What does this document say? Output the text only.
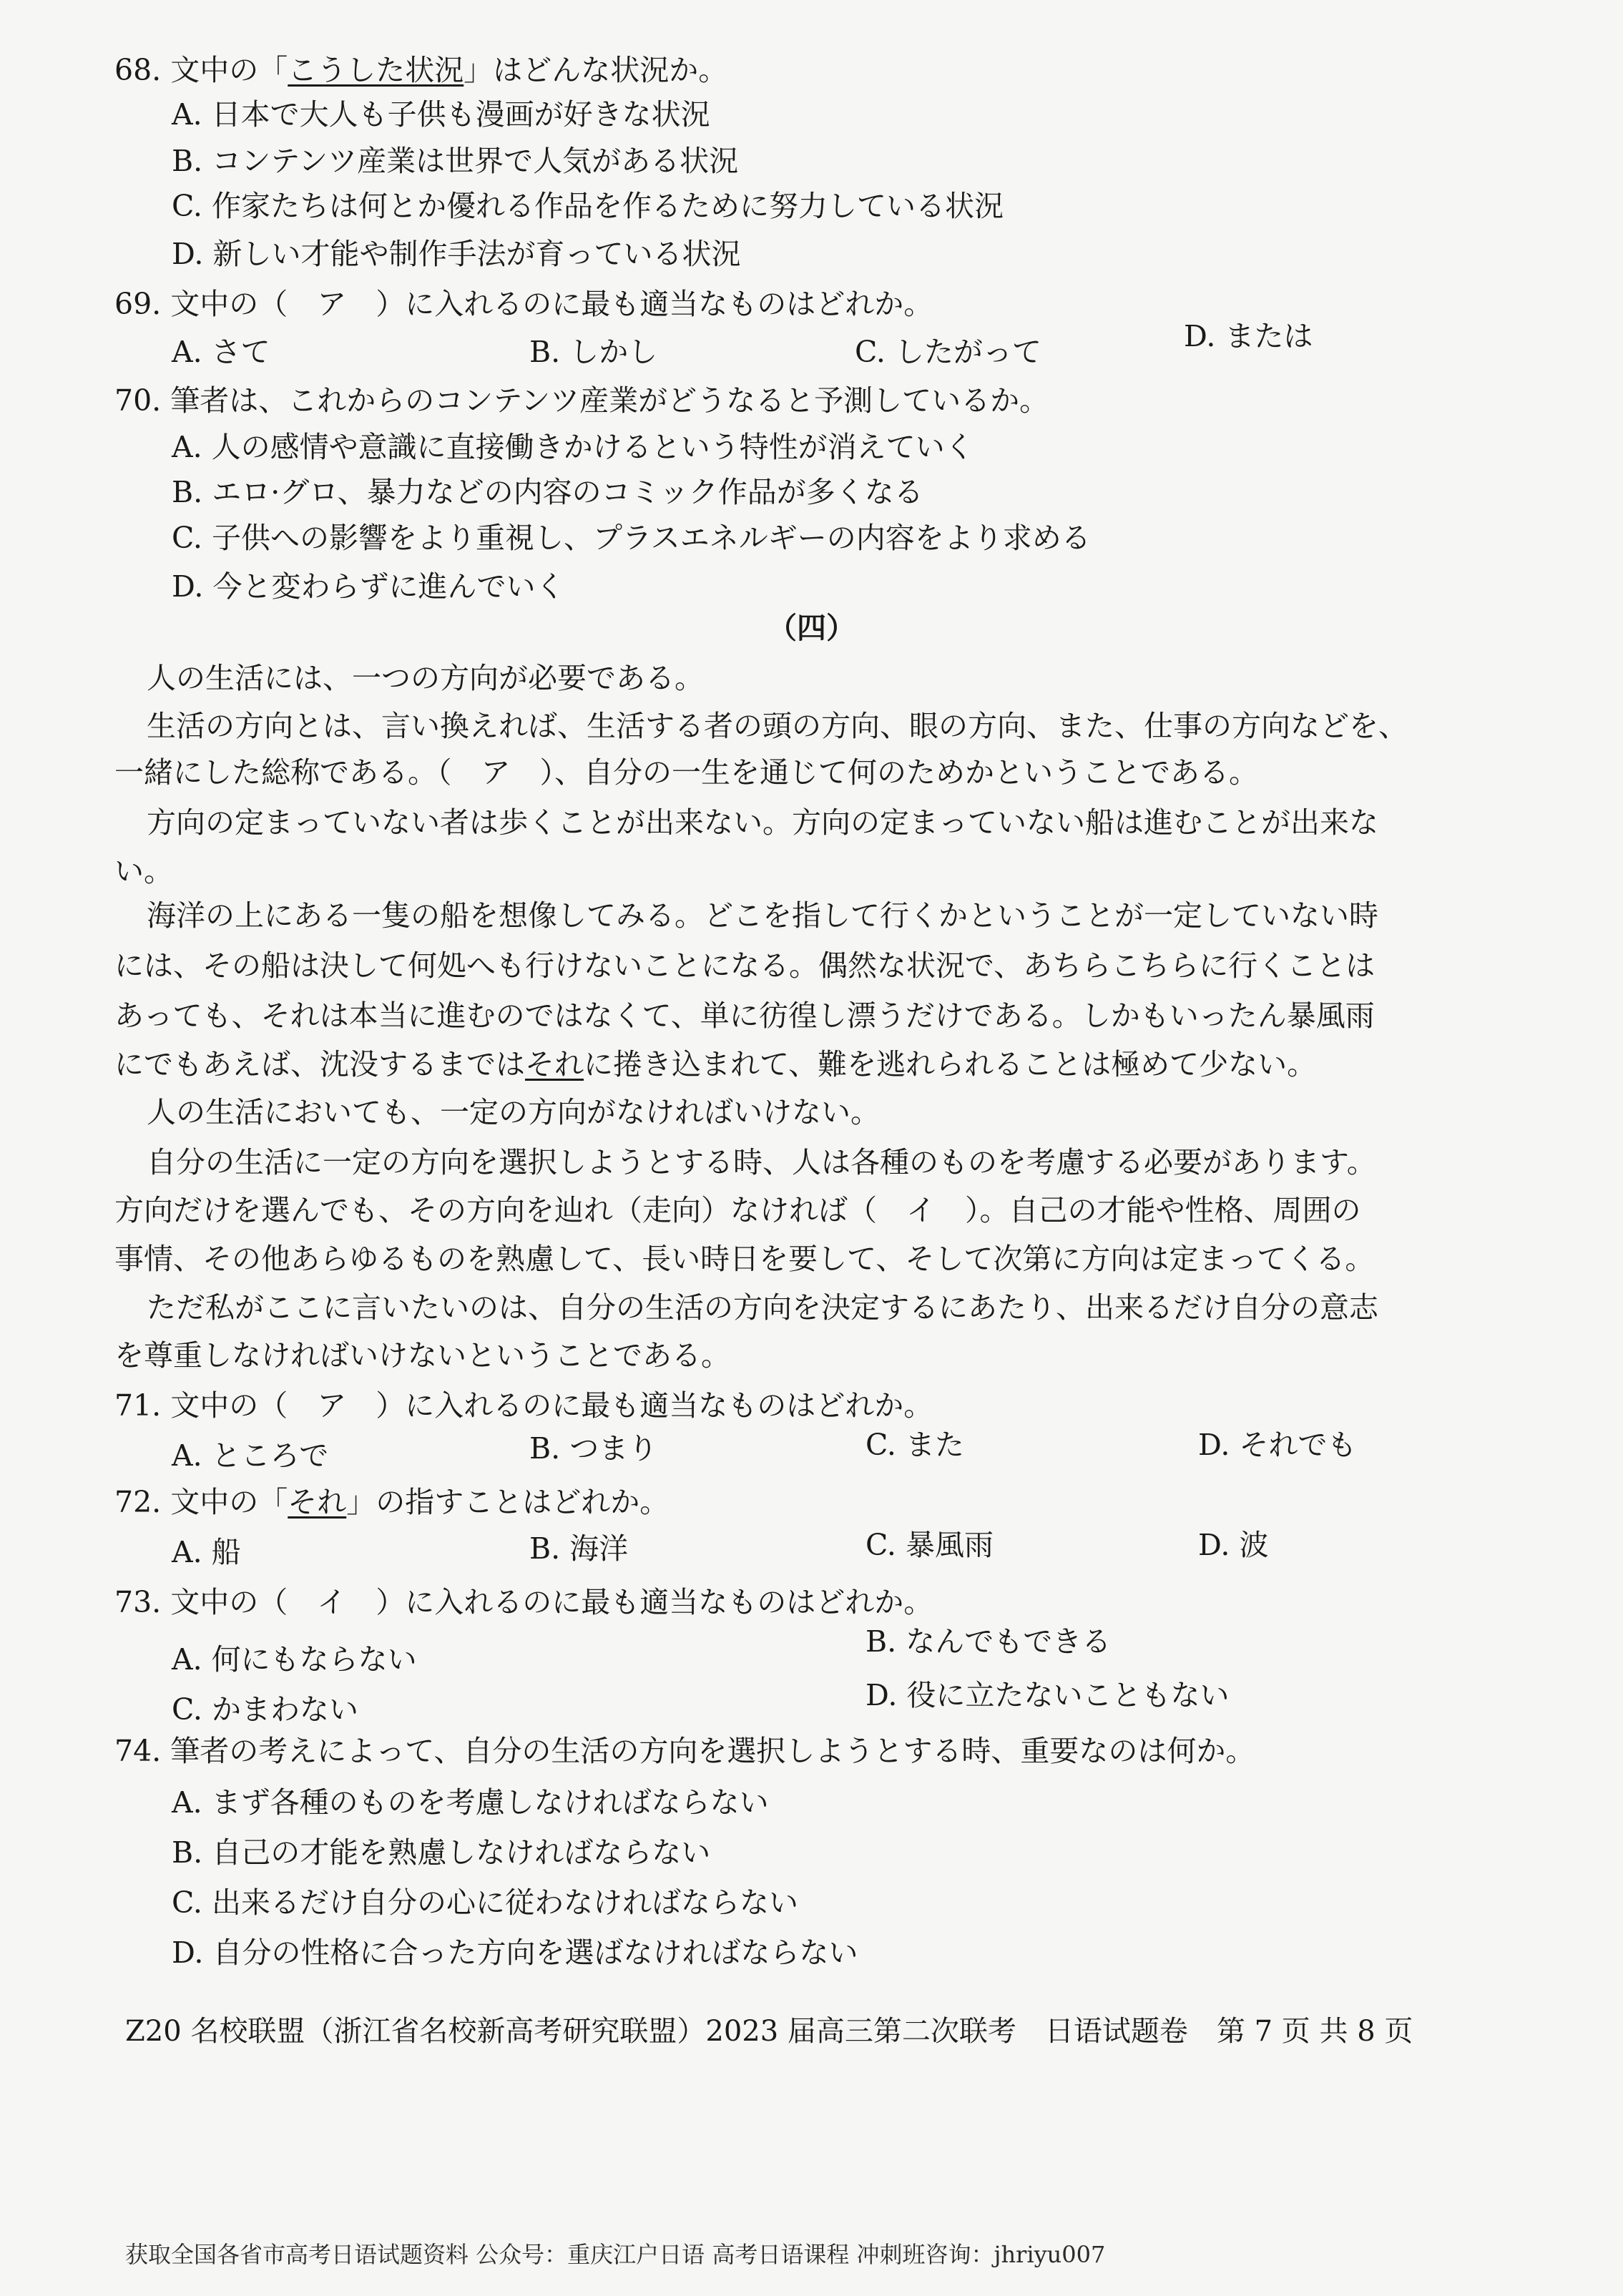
68. 文中の「こうした状況」はどんな状況か。
A. 日本で大人も子供も漫画が好きな状況
B. コンテンツ産業は世界で人気がある状況
C. 作家たちは何とか優れる作品を作るために努力している状況
D. 新しい才能や制作手法が育っている状況
69. 文中の（　ア　）に入れるのに最も適当なものはどれか。
A. さて	B. しかし	C. したがって	D. または
70. 筆者は、これからのコンテンツ産業がどうなると予測しているか。
A. 人の感情や意識に直接働きかけるという特性が消えていく
B. エロ·グロ、暴力などの内容のコミック作品が多くなる
C. 子供への影響をより重視し、プラスエネルギーの内容をより求める
D. 今と変わらずに進んでいく
（四）
人の生活には、一つの方向が必要である。
生活の方向とは、言い換えれば、生活する者の頭の方向、眼の方向、また、仕事の方向などを、
一緒にした総称である。（　ア　）、自分の一生を通じて何のためかということである。
方向の定まっていない者は歩くことが出来ない。方向の定まっていない船は進むことが出来な
い。
海洋の上にある一隻の船を想像してみる。どこを指して行くかということが一定していない時
には、その船は決して何処へも行けないことになる。偶然な状況で、あちらこちらに行くことは
あっても、それは本当に進むのではなくて、単に彷徨し漂うだけである。しかもいったん暴風雨
にでもあえば、沈没するまではそれに捲き込まれて、難を逃れられることは極めて少ない。
人の生活においても、一定の方向がなければいけない。
自分の生活に一定の方向を選択しようとする時、人は各種のものを考慮する必要があります。
方向だけを選んでも、その方向を辿れ（走向）なければ（　イ　）。自己の才能や性格、周囲の
事情、その他あらゆるものを熟慮して、長い時日を要して、そして次第に方向は定まってくる。
ただ私がここに言いたいのは、自分の生活の方向を決定するにあたり、出来るだけ自分の意志
を尊重しなければいけないということである。
71. 文中の（　ア　）に入れるのに最も適当なものはどれか。
A. ところで	B. つまり	C. また	D. それでも
72. 文中の「それ」の指すことはどれか。
A. 船	B. 海洋	C. 暴風雨	D. 波
73. 文中の（　イ　）に入れるのに最も適当なものはどれか。
A. 何にもならない
B. なんでもできる
C. かまわない	D. 役に立たないこともない
74. 筆者の考えによって、自分の生活の方向を選択しようとする時、重要なのは何か。
A. まず各種のものを考慮しなければならない
B. 自己の才能を熟慮しなければならない
C. 出来るだけ自分の心に従わなければならない
D. 自分の性格に合った方向を選ばなければならない
Z20 名校联盟（浙江省名校新高考研究联盟）2023 届高三第二次联考　日语试题卷　第 7 页 共 8 页
获取全国各省市高考日语试题资料 公众号：重庆江户日语 高考日语课程 冲刺班咨询：jhriyu007
